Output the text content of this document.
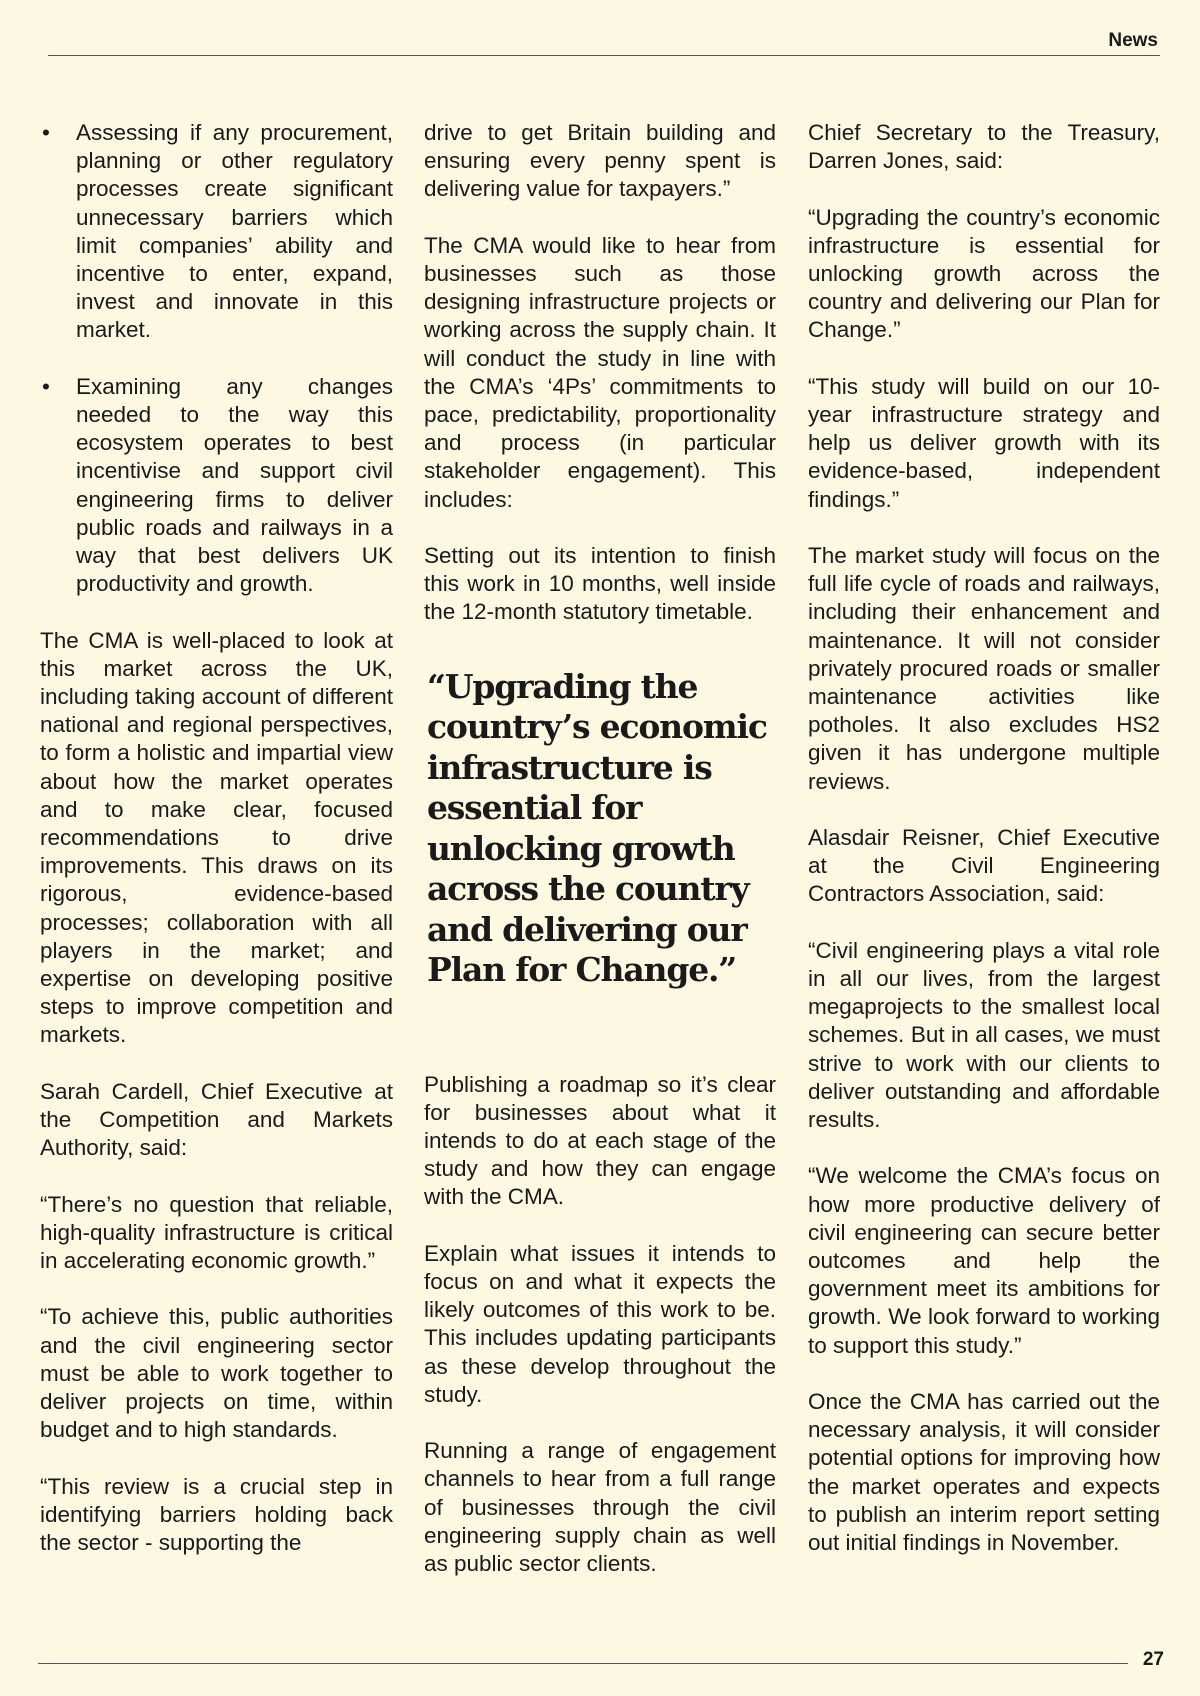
News
• Assessing if any procurement, planning or other regulatory processes create significant unnecessary barriers which limit companies’ ability and incentive to enter, expand, invest and innovate in this market.
• Examining any changes needed to the way this ecosystem operates to best incentivise and support civil engineering firms to deliver public roads and railways in a way that best delivers UK productivity and growth.

The CMA is well-placed to look at this market across the UK, including taking account of different national and regional perspectives, to form a holistic and impartial view about how the market operates and to make clear, focused recommendations to drive improvements. This draws on its rigorous, evidence-based processes; collaboration with all players in the market; and expertise on developing positive steps to improve competition and markets.

Sarah Cardell, Chief Executive at the Competition and Markets Authority, said:

“There’s no question that reliable, high-quality infrastructure is critical in accelerating economic growth.”

“To achieve this, public authorities and the civil engineering sector must be able to work together to deliver projects on time, within budget and to high standards.

“This review is a crucial step in identifying barriers holding back the sector - supporting the

drive to get Britain building and ensuring every penny spent is delivering value for taxpayers.”

The CMA would like to hear from businesses such as those designing infrastructure projects or working across the supply chain. It will conduct the study in line with the CMA’s ‘4Ps’ commitments to pace, predictability, proportionality and process (in particular stakeholder engagement). This includes:

Setting out its intention to finish this work in 10 months, well inside the 12-month statutory timetable.

“Upgrading the country’s economic infrastructure is essential for unlocking growth across the country and delivering our Plan for Change.”

Publishing a roadmap so it’s clear for businesses about what it intends to do at each stage of the study and how they can engage with the CMA.

Explain what issues it intends to focus on and what it expects the likely outcomes of this work to be. This includes updating participants as these develop throughout the study.

Running a range of engagement channels to hear from a full range of businesses through the civil engineering supply chain as well as public sector clients.

Chief Secretary to the Treasury, Darren Jones, said:

“Upgrading the country’s economic infrastructure is essential for unlocking growth across the country and delivering our Plan for Change.”

“This study will build on our 10-year infrastructure strategy and help us deliver growth with its evidence-based, independent findings.”

The market study will focus on the full life cycle of roads and railways, including their enhancement and maintenance. It will not consider privately procured roads or smaller maintenance activities like potholes. It also excludes HS2 given it has undergone multiple reviews.

Alasdair Reisner, Chief Executive at the Civil Engineering Contractors Association, said:

“Civil engineering plays a vital role in all our lives, from the largest megaprojects to the smallest local schemes. But in all cases, we must strive to work with our clients to deliver outstanding and affordable results.

“We welcome the CMA’s focus on how more productive delivery of civil engineering can secure better outcomes and help the government meet its ambitions for growth. We look forward to working to support this study.”

Once the CMA has carried out the necessary analysis, it will consider potential options for improving how the market operates and expects to publish an interim report setting out initial findings in November.

27
